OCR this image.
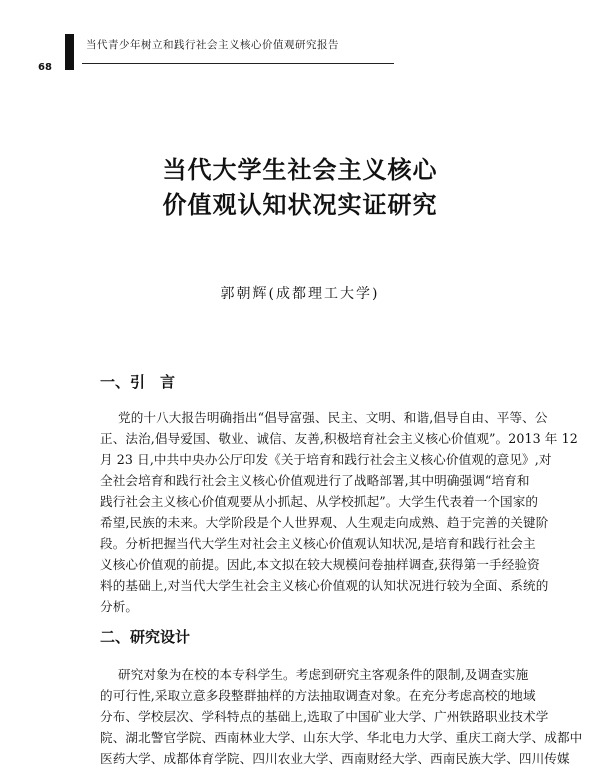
当代青少年树立和践行社会主义核心价值观研究报告
68
当代大学生社会主义核心
价值观认知状况实证研究
郭朝辉(成都理工大学)
一、引　言
党的十八大报告明确指出“倡导富强、民主、文明、和谐,倡导自由、平等、公
正、法治,倡导爱国、敬业、诚信、友善,积极培育社会主义核心价值观”。2013 年 12
月 23 日,中共中央办公厅印发《关于培育和践行社会主义核心价值观的意见》,对
全社会培育和践行社会主义核心价值观进行了战略部署,其中明确强调“培育和
践行社会主义核心价值观要从小抓起、从学校抓起”。大学生代表着一个国家的
希望,民族的未来。大学阶段是个人世界观、人生观走向成熟、趋于完善的关键阶
段。分析把握当代大学生对社会主义核心价值观认知状况,是培育和践行社会主
义核心价值观的前提。因此,本文拟在较大规模问卷抽样调查,获得第一手经验资
料的基础上,对当代大学生社会主义核心价值观的认知状况进行较为全面、系统的
分析。
二、研究设计
研究对象为在校的本专科学生。考虑到研究主客观条件的限制,及调查实施
的可行性,采取立意多段整群抽样的方法抽取调查对象。在充分考虑高校的地域
分布、学校层次、学科特点的基础上,选取了中国矿业大学、广州铁路职业技术学
院、湖北警官学院、西南林业大学、山东大学、华北电力大学、重庆工商大学、成都中
医药大学、成都体育学院、四川农业大学、西南财经大学、西南民族大学、四川传媒
